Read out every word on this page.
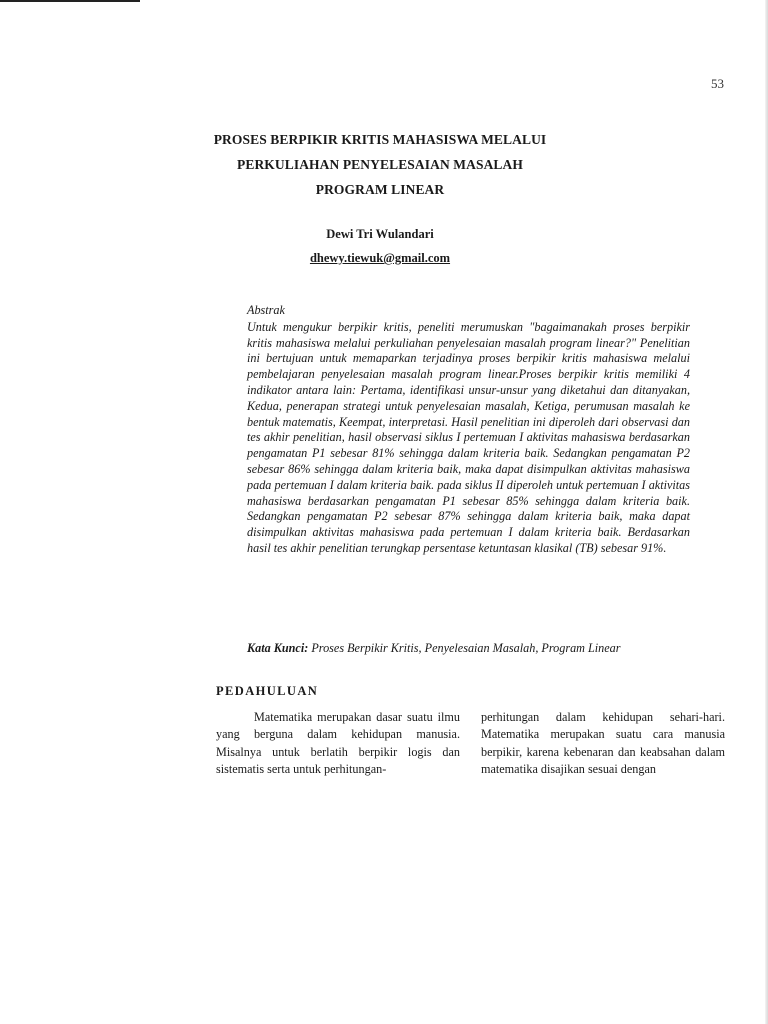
53
PROSES BERPIKIR KRITIS MAHASISWA MELALUI
PERKULIAHAN PENYELESAIAN MASALAH
PROGRAM LINEAR
Dewi Tri Wulandari
dhewy.tiewuk@gmail.com

Abstrak

Untuk mengukur berpikir kritis, peneliti merumuskan "bagaimanakah proses berpikir kritis mahasiswa melalui perkuliahan penyelesaian masalah program linear?" Penelitian ini bertujuan untuk memaparkan terjadinya proses berpikir kritis mahasiswa melalui pembelajaran penyelesaian masalah program linear.Proses berpikir kritis memiliki 4 indikator antara lain: Pertama, identifikasi unsur-unsur yang diketahui dan ditanyakan, Kedua, penerapan strategi untuk penyelesaian masalah, Ketiga, perumusan masalah ke bentuk matematis, Keempat, interpretasi. Hasil penelitian ini diperoleh dari observasi dan tes akhir penelitian, hasil observasi siklus I pertemuan I aktivitas mahasiswa berdasarkan pengamatan P1 sebesar 81% sehingga dalam kriteria baik. Sedangkan pengamatan P2 sebesar 86% sehingga dalam kriteria baik, maka dapat disimpulkan aktivitas mahasiswa pada pertemuan I dalam kriteria baik. pada siklus II diperoleh untuk pertemuan I aktivitas mahasiswa berdasarkan pengamatan P1 sebesar 85% sehingga dalam kriteria baik. Sedangkan pengamatan P2 sebesar 87% sehingga dalam kriteria baik, maka dapat disimpulkan aktivitas mahasiswa pada pertemuan I dalam kriteria baik. Berdasarkan hasil tes akhir penelitian terungkap persentase ketuntasan klasikal (TB) sebesar 91%.

Kata Kunci: Proses Berpikir Kritis, Penyelesaian Masalah, Program Linear
PEDAHULUAN

Matematika merupakan dasar suatu ilmu yang berguna dalam kehidupan manusia. Misalnya untuk berlatih berpikir logis dan sistematis serta untuk perhitungan-

perhitungan dalam kehidupan sehari-hari. Matematika merupakan suatu cara manusia berpikir, karena kebenaran dan keabsahan dalam matematika disajikan sesuai dengan
